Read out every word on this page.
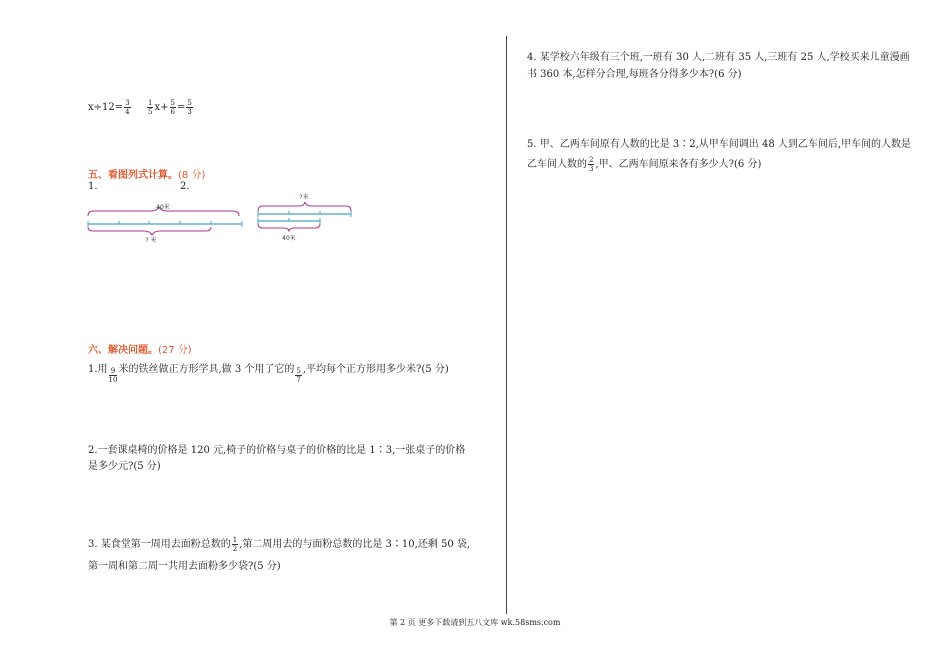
$x\div 12= \frac{3}{4} \frac{1}{5} x+ \frac{5}{6} = \frac{5}{3}$
五、看图列式计算。(8 分)
1.	2.
40米
? 米
?米
40米
六、解决问题。(27 分)
1.用 $\frac{9}{10}$ 米的铁丝做正方形学具,做 3 个用了它的 $\frac{5}{7}$ ,平均每个正方形用多少米?(5 分)
2.一套课桌椅的价格是 120 元,椅子的价格与桌子的价格的比是 1∶3,一张桌子的价格
是多少元?(5 分)
3. 某食堂第一周用去面粉总数的 $\frac{1}{2}$ ,第二周用去的与面粉总数的比是 3∶10,还剩 50 袋,
第一周和第二周一共用去面粉多少袋?(5 分)
4. 某学校六年级有三个班,一班有 30 人,二班有 35 人,三班有 25 人,学校买来儿童漫画
书 360 本,怎样分合理,每班各分得多少本?(6 分)
5. 甲、乙两车间原有人数的比是 3∶2,从甲车间调出 48 人到乙车间后,甲车间的人数是
乙车间人数的 $\frac{2}{3}$ ,甲、乙两车间原来各有多少人?(6 分)
第 2 页 更多下载请到五八文库 wk.58sms.com
